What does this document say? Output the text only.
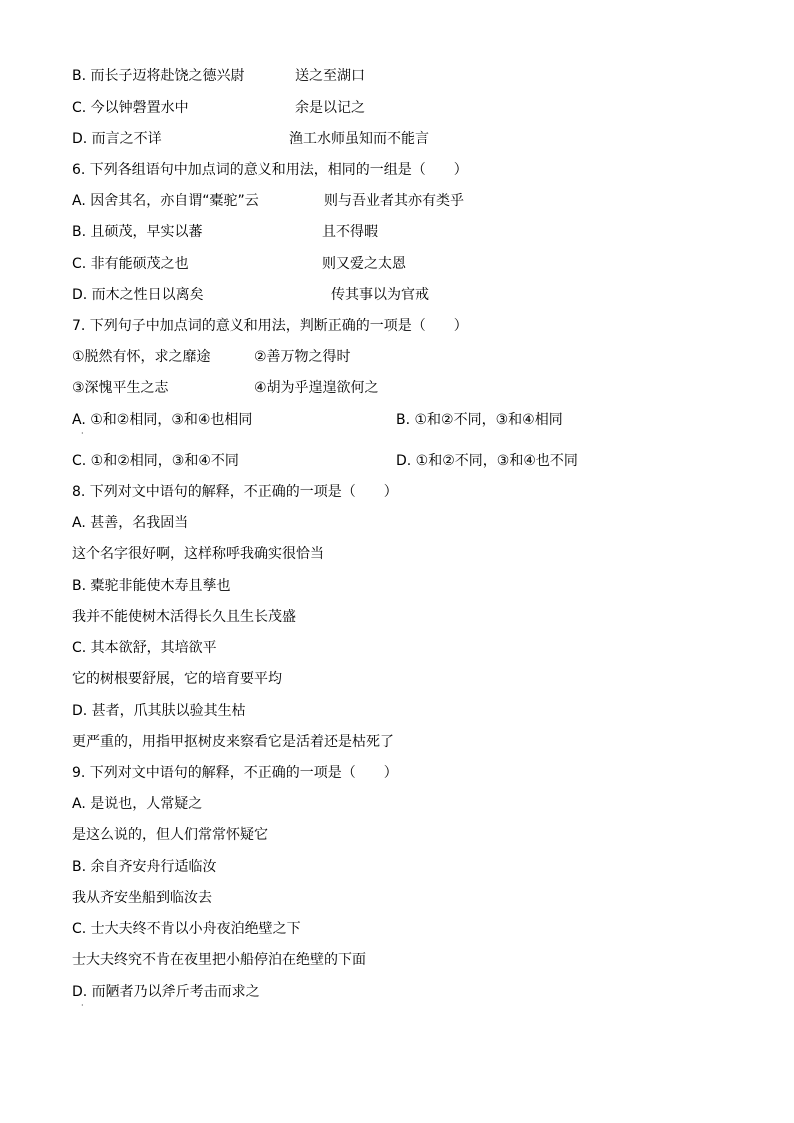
B. 而长子迈将赴饶之德兴尉	送之至湖口
C. 今以钟磬置水中	余是以记之
D. 而言之不详	渔工水师虽知而不能言
6. 下列各组语句中加点词的意义和用法，相同的一组是（　　）
A. 因舍其名，亦自谓“橐驼”云	则与吾业者其亦有类乎
B. 且硕茂，早实以蕃	且不得暇
C. 非有能硕茂之也	则又爱之太恩
D. 而木之性日以离矣	传其事以为官戒
7. 下列句子中加点词的意义和用法，判断正确的一项是（　　）
①脱然有怀，求之靡途	②善万物之得时
③深愧平生之志	④胡为乎遑遑欲何之
A. ①和②相同，③和④也相同	B. ①和②不同，③和④相同
·
C. ①和②相同，③和④不同	D. ①和②不同，③和④也不同
8. 下列对文中语句的解释，不正确的一项是（　　）
A. 甚善，名我固当
这个名字很好啊，这样称呼我确实很恰当
B. 橐驼非能使木寿且孳也
我并不能使树木活得长久且生长茂盛
C. 其本欲舒，其培欲平
它的树根要舒展，它的培育要平均
D. 甚者，爪其肤以验其生枯
更严重的，用指甲抠树皮来察看它是活着还是枯死了
9. 下列对文中语句的解释，不正确的一项是（　　）
A. 是说也，人常疑之
是这么说的，但人们常常怀疑它
B. 余自齐安舟行适临汝
我从齐安坐船到临汝去
C. 士大夫终不肯以小舟夜泊绝壁之下
士大夫终究不肯在夜里把小船停泊在绝壁的下面
D. 而陋者乃以斧斤考击而求之
·
